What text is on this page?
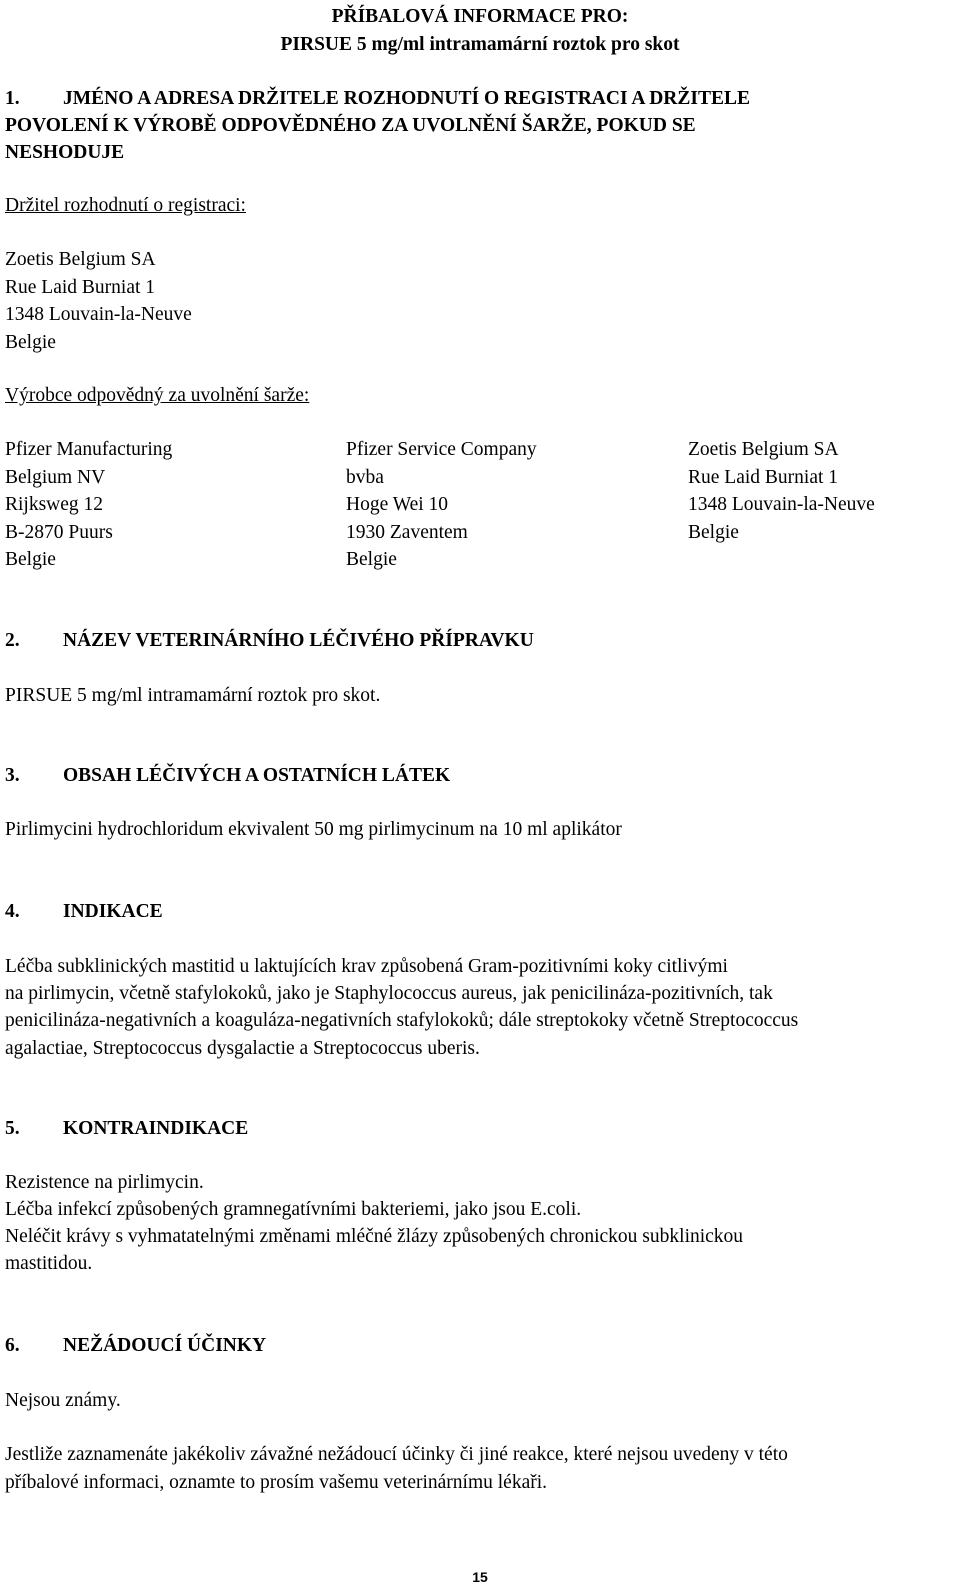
PŘÍBALOVÁ INFORMACE PRO:
PIRSUE 5 mg/ml intramamární roztok pro skot
1. JMÉNO A ADRESA DRŽITELE ROZHODNUTÍ O REGISTRACI A DRŽITELE
POVOLENÍ K VÝROBĚ ODPOVĚDNÉHO ZA UVOLNĚNÍ ŠARŽE, POKUD SE
NESHODUJE
Držitel rozhodnutí o registraci:
Zoetis Belgium SA
Rue Laid Burniat 1
1348 Louvain-la-Neuve
Belgie
Výrobce odpovědný za uvolnění šarže:
Pfizer Manufacturing
Belgium NV
Rijksweg 12
B-2870 Puurs
Belgie
Pfizer Service Company
bvba
Hoge Wei 10
1930 Zaventem
Belgie
Zoetis Belgium SA
Rue Laid Burniat 1
1348 Louvain-la-Neuve
Belgie
2. NÁZEV VETERINÁRNÍHO LÉČIVÉHO PŘÍPRAVKU
PIRSUE 5 mg/ml intramamární roztok pro skot.
3. OBSAH LÉČIVÝCH A OSTATNÍCH LÁTEK
Pirlimycini hydrochloridum ekvivalent 50 mg pirlimycinum na 10 ml aplikátor
4. INDIKACE
Léčba subklinických mastitid u laktujících krav způsobená Gram-pozitivními koky citlivými
na pirlimycin, včetně stafylokoků, jako je Staphylococcus aureus, jak penicilináza-pozitivních, tak
penicilináza-negativních a koaguláza-negativních stafylokoků; dále streptokoky včetně Streptococcus
agalactiae, Streptococcus dysgalactie a Streptococcus uberis.
5. KONTRAINDIKACE
Rezistence na pirlimycin.
Léčba infekcí způsobených gramnegatívními bakteriemi, jako jsou E.coli.
Neléčit krávy s vyhmatatelnými změnami mléčné žlázy způsobených chronickou subklinickou
mastitidou.
6. NEŽÁDOUCÍ ÚČINKY
Nejsou známy.
Jestliže zaznamenáte jakékoliv závažné nežádoucí účinky či jiné reakce, které nejsou uvedeny v této
příbalové informaci, oznamte to prosím vašemu veterinárnímu lékaři.
15
